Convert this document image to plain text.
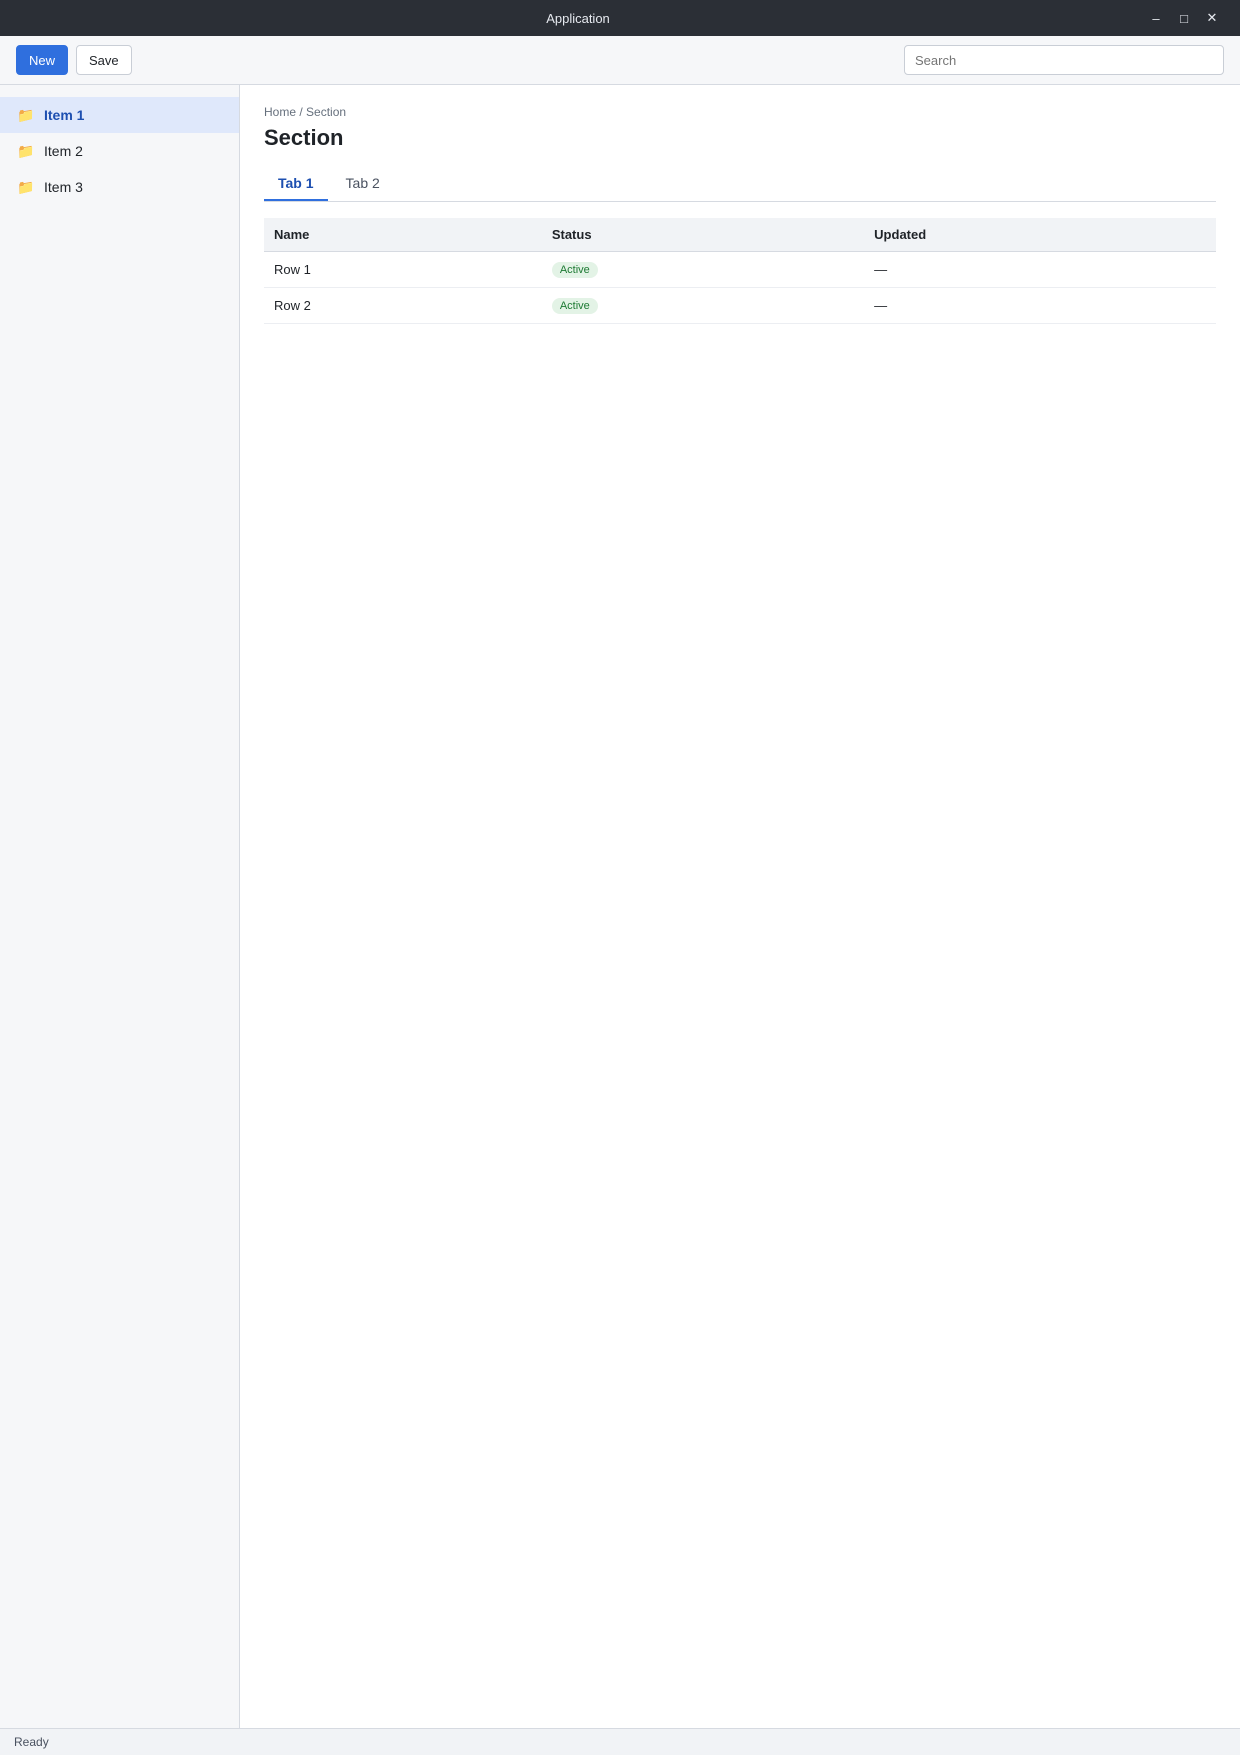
Application	–	□	✕
New	Save
Search
📁 Item 1
📁 Item 2
📁 Item 3
Home / Section
Section
Tab 1	Tab 2
Name	Status	Updated
Row 1	Active	—
Row 2	Active	—
Ready
